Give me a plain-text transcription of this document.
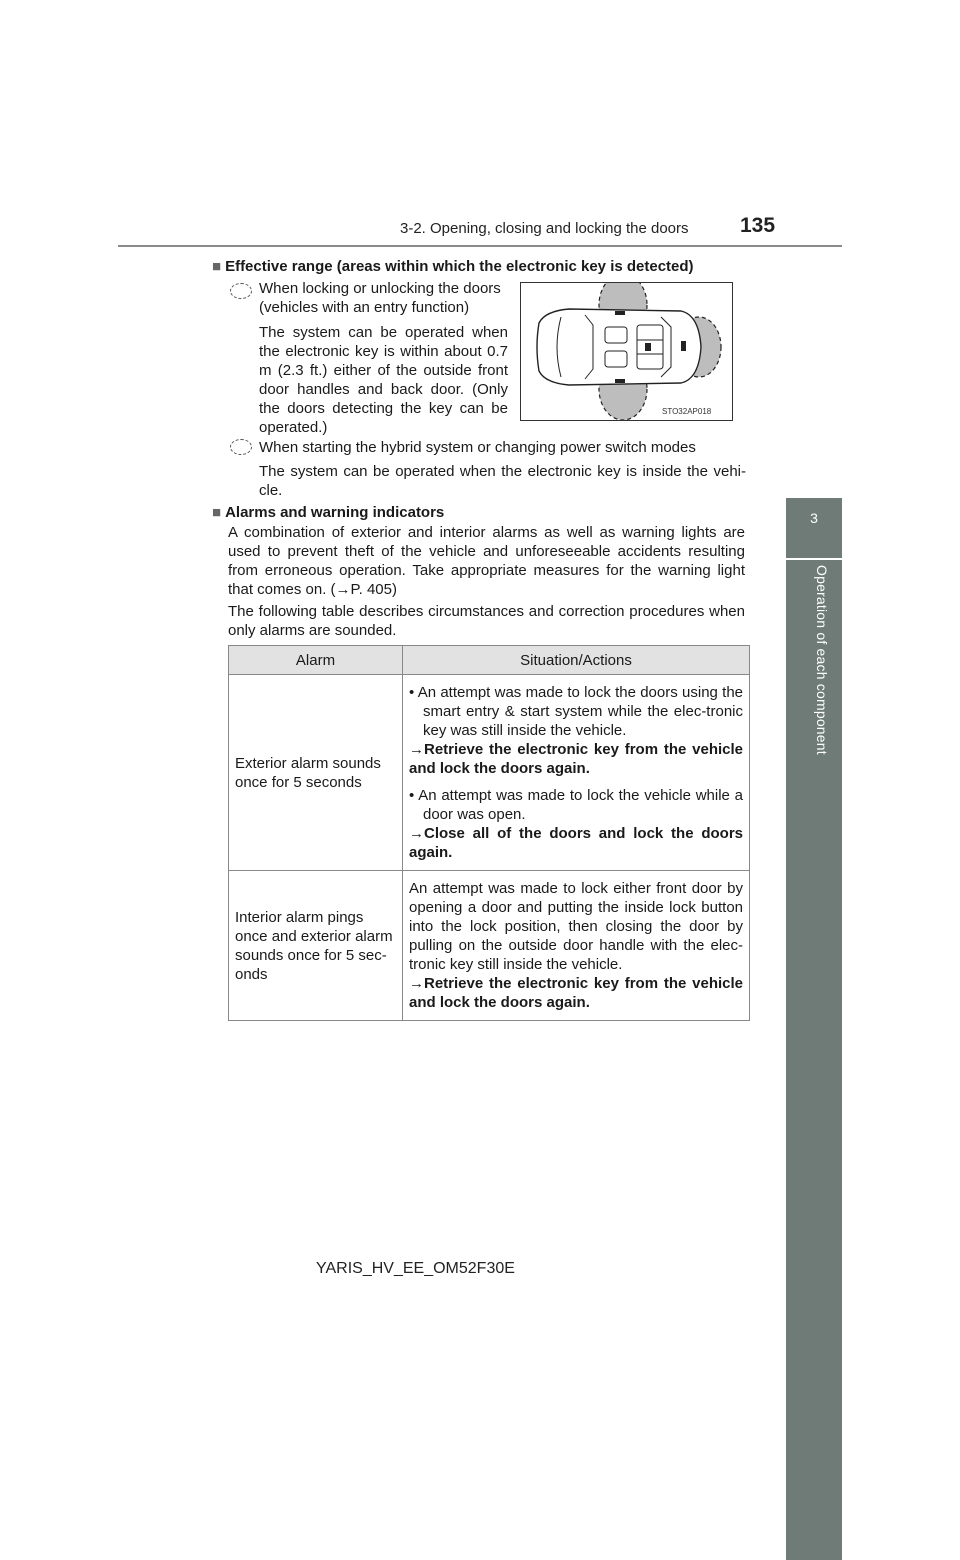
3-2. Opening, closing and locking the doors 135
3
Operation of each component
■ Effective range (areas within which the electronic key is detected)
When locking or unlocking the doors (vehicles with an entry function)
The system can be operated when the electronic key is within about 0.7 m (2.3 ft.) either of the outside front door handles and back door. (Only the doors detecting the key can be operated.)
STO32AP018
When starting the hybrid system or changing power switch modes
The system can be operated when the electronic key is inside the vehi-cle.
■ Alarms and warning indicators
A combination of exterior and interior alarms as well as warning lights are used to prevent theft of the vehicle and unforeseeable accidents resulting from erroneous operation. Take appropriate measures for the warning light that comes on. (→P. 405)
The following table describes circumstances and correction procedures when only alarms are sounded.
Alarm	Situation/Actions
Exterior alarm sounds once for 5 seconds	• An attempt was made to lock the doors using the smart entry & start system while the elec-tronic key was still inside the vehicle.
→Retrieve the electronic key from the vehicle and lock the doors again.
• An attempt was made to lock the vehicle while a door was open.
→Close all of the doors and lock the doors again.

Interior alarm pings once and exterior alarm sounds once for 5 sec-onds	An attempt was made to lock either front door by opening a door and putting the inside lock button into the lock position, then closing the door by pulling on the outside door handle with the elec-tronic key still inside the vehicle.
→Retrieve the electronic key from the vehicle and lock the doors again.
YARIS_HV_EE_OM52F30E
